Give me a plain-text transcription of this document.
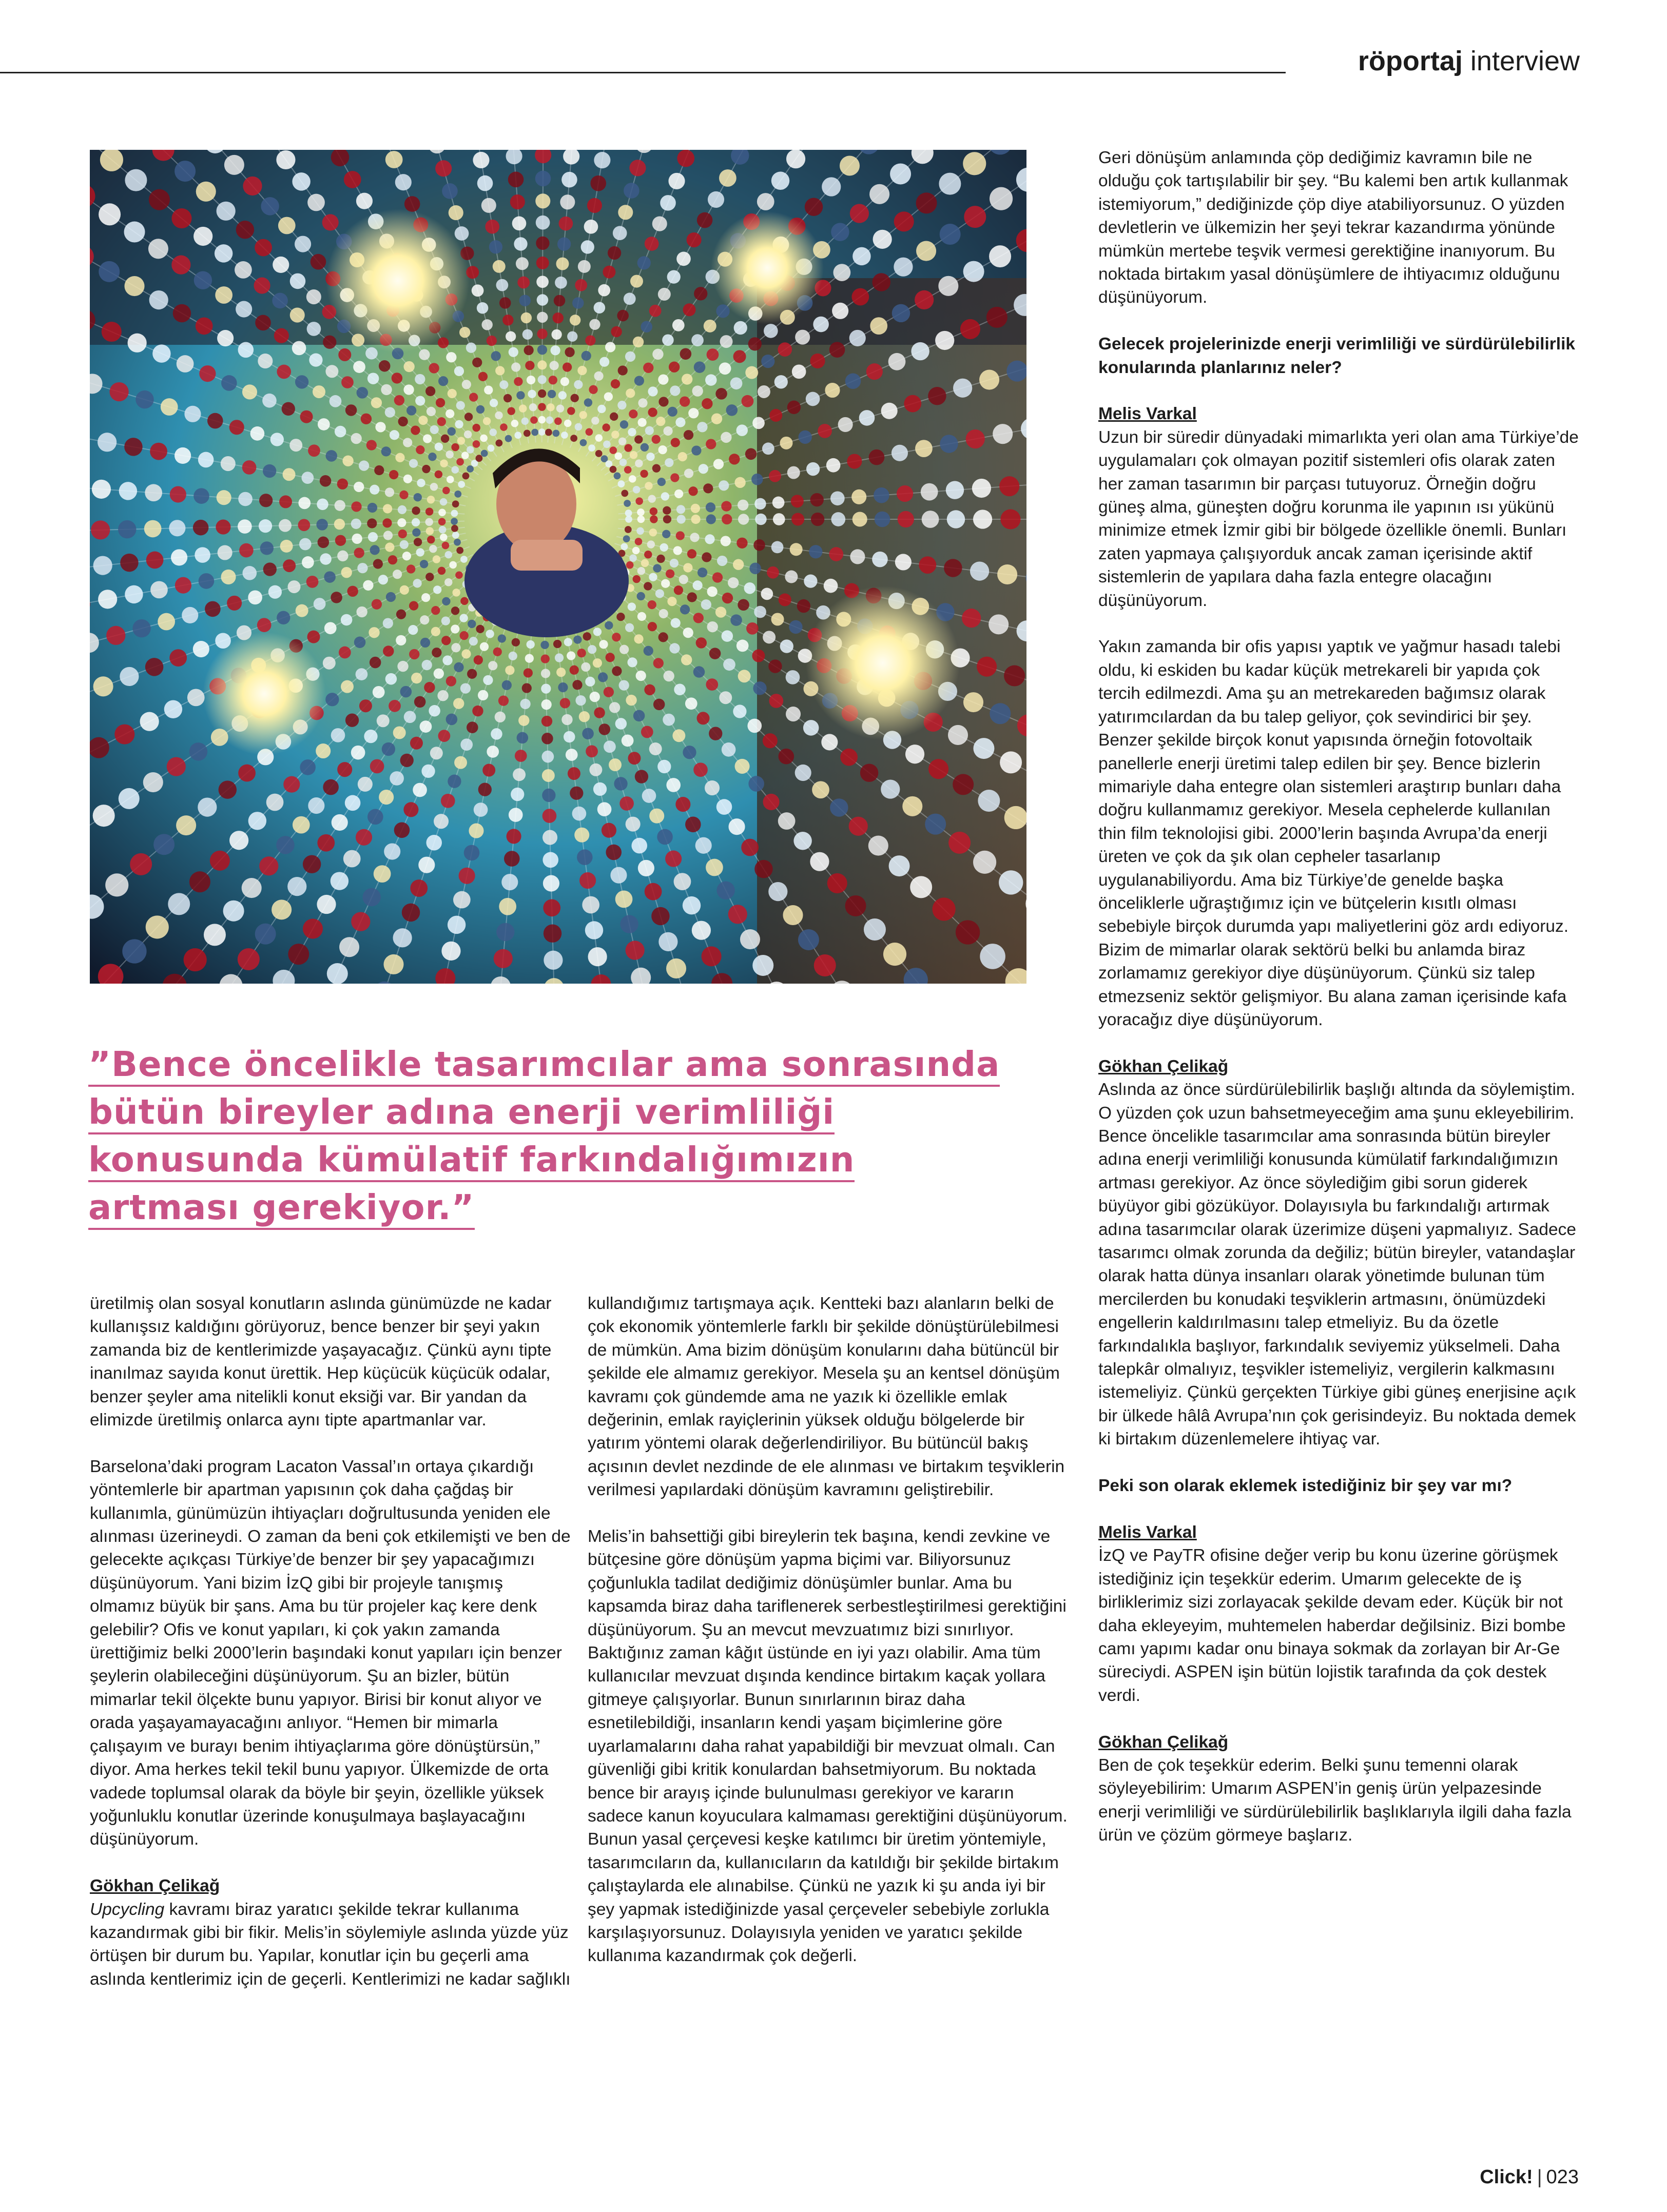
röportaj interview
”Bence öncelikle tasarımcılar ama sonrasında
bütün bireyler adına enerji verimliliği
konusunda kümülatif farkındalığımızın
artması gerekiyor.”

üretilmiş olan sosyal konutların aslında günümüzde ne kadar kullanışsız kaldığını görüyoruz, bence benzer bir şeyi yakın zamanda biz de kentlerimizde yaşayacağız. Çünkü aynı tipte inanılmaz sayıda konut ürettik. Hep küçücük küçücük odalar, benzer şeyler ama nitelikli konut eksiği var. Bir yandan da elimizde üretilmiş onlarca aynı tipte apartmanlar var.

Barselona’daki program Lacaton Vassal’ın ortaya çıkardığı yöntemlerle bir apartman yapısının çok daha çağdaş bir kullanımla, günümüzün ihtiyaçları doğrultusunda yeniden ele alınması üzerineydi. O zaman da beni çok etkilemişti ve ben de gelecekte açıkçası Türkiye’de benzer bir şey yapacağımızı düşünüyorum. Yani bizim İzQ gibi bir projeyle tanışmış olmamız büyük bir şans. Ama bu tür projeler kaç kere denk gelebilir? Ofis ve konut yapıları, ki çok yakın zamanda ürettiğimiz belki 2000’lerin başındaki konut yapıları için benzer şeylerin olabileceğini düşünüyorum. Şu an bizler, bütün mimarlar tekil ölçekte bunu yapıyor. Birisi bir konut alıyor ve orada yaşayamayacağını anlıyor. “Hemen bir mimarla çalışayım ve burayı benim ihtiyaçlarıma göre dönüştürsün,” diyor. Ama herkes tekil tekil bunu yapıyor. Ülkemizde de orta vadede toplumsal olarak da böyle bir şeyin, özellikle yüksek yoğunluklu konutlar üzerinde konuşulmaya başlayacağını düşünüyorum.

Gökhan Çelikağ

Upcycling kavramı biraz yaratıcı şekilde tekrar kullanıma kazandırmak gibi bir fikir. Melis’in söylemiyle aslında yüzde yüz örtüşen bir durum bu. Yapılar, konutlar için bu geçerli ama aslında kentlerimiz için de geçerli. Kentlerimizi ne kadar sağlıklı

kullandığımız tartışmaya açık. Kentteki bazı alanların belki de çok ekonomik yöntemlerle farklı bir şekilde dönüştürülebilmesi de mümkün. Ama bizim dönüşüm konularını daha bütüncül bir şekilde ele almamız gerekiyor. Mesela şu an kentsel dönüşüm kavramı çok gündemde ama ne yazık ki özellikle emlak değerinin, emlak rayiçlerinin yüksek olduğu bölgelerde bir yatırım yöntemi olarak değerlendiriliyor. Bu bütüncül bakış açısının devlet nezdinde de ele alınması ve birtakım teşviklerin verilmesi yapılardaki dönüşüm kavramını geliştirebilir.

Melis’in bahsettiği gibi bireylerin tek başına, kendi zevkine ve bütçesine göre dönüşüm yapma biçimi var. Biliyorsunuz çoğunlukla tadilat dediğimiz dönüşümler bunlar. Ama bu kapsamda biraz daha tariflenerek serbestleştirilmesi gerektiğini düşünüyorum. Şu an mevcut mevzuatımız bizi sınırlıyor. Baktığınız zaman kâğıt üstünde en iyi yazı olabilir. Ama tüm kullanıcılar mevzuat dışında kendince birtakım kaçak yollara gitmeye çalışıyorlar. Bunun sınırlarının biraz daha esnetilebildiği, insanların kendi yaşam biçimlerine göre uyarlamalarını daha rahat yapabildiği bir mevzuat olmalı. Can güvenliği gibi kritik konulardan bahsetmiyorum. Bu noktada bence bir arayış içinde bulunulması gerekiyor ve kararın sadece kanun koyuculara kalmaması gerektiğini düşünüyorum. Bunun yasal çerçevesi keşke katılımcı bir üretim yöntemiyle, tasarımcıların da, kullanıcıların da katıldığı bir şekilde birtakım çalıştaylarda ele alınabilse. Çünkü ne yazık ki şu anda iyi bir şey yapmak istediğinizde yasal çerçeveler sebebiyle zorlukla karşılaşıyorsunuz. Dolayısıyla yeniden ve yaratıcı şekilde kullanıma kazandırmak çok değerli.

Geri dönüşüm anlamında çöp dediğimiz kavramın bile ne olduğu çok tartışılabilir bir şey. “Bu kalemi ben artık kullanmak istemiyorum,” dediğinizde çöp diye atabiliyorsunuz. O yüzden devletlerin ve ülkemizin her şeyi tekrar kazandırma yönünde mümkün mertebe teşvik vermesi gerektiğine inanıyorum. Bu noktada birtakım yasal dönüşümlere de ihtiyacımız olduğunu düşünüyorum.

Gelecek projelerinizde enerji verimliliği ve sürdürülebilirlik konularında planlarınız neler?

Melis Varkal

Uzun bir süredir dünyadaki mimarlıkta yeri olan ama Türkiye’de uygulamaları çok olmayan pozitif sistemleri ofis olarak zaten her zaman tasarımın bir parçası tutuyoruz. Örneğin doğru güneş alma, güneşten doğru korunma ile yapının ısı yükünü minimize etmek İzmir gibi bir bölgede özellikle önemli. Bunları zaten yapmaya çalışıyorduk ancak zaman içerisinde aktif sistemlerin de yapılara daha fazla entegre olacağını düşünüyorum.

Yakın zamanda bir ofis yapısı yaptık ve yağmur hasadı talebi oldu, ki eskiden bu kadar küçük metrekareli bir yapıda çok tercih edilmezdi. Ama şu an metrekareden bağımsız olarak yatırımcılardan da bu talep geliyor, çok sevindirici bir şey. Benzer şekilde birçok konut yapısında örneğin fotovoltaik panellerle enerji üretimi talep edilen bir şey. Bence bizlerin mimariyle daha entegre olan sistemleri araştırıp bunları daha doğru kullanmamız gerekiyor. Mesela cephelerde kullanılan thin film teknolojisi gibi. 2000’lerin başında Avrupa’da enerji üreten ve çok da şık olan cepheler tasarlanıp uygulanabiliyordu. Ama biz Türkiye’de genelde başka önceliklerle uğraştığımız için ve bütçelerin kısıtlı olması sebebiyle birçok durumda yapı maliyetlerini göz ardı ediyoruz. Bizim de mimarlar olarak sektörü belki bu anlamda biraz zorlamamız gerekiyor diye düşünüyorum. Çünkü siz talep etmezseniz sektör gelişmiyor. Bu alana zaman içerisinde kafa yoracağız diye düşünüyorum.

Gökhan Çelikağ

Aslında az önce sürdürülebilirlik başlığı altında da söylemiştim. O yüzden çok uzun bahsetmeyeceğim ama şunu ekleyebilirim. Bence öncelikle tasarımcılar ama sonrasında bütün bireyler adına enerji verimliliği konusunda kümülatif farkındalığımızın artması gerekiyor. Az önce söylediğim gibi sorun giderek büyüyor gibi gözüküyor. Dolayısıyla bu farkındalığı artırmak adına tasarımcılar olarak üzerimize düşeni yapmalıyız. Sadece tasarımcı olmak zorunda da değiliz; bütün bireyler, vatandaşlar olarak hatta dünya insanları olarak yönetimde bulunan tüm mercilerden bu konudaki teşviklerin artmasını, önümüzdeki engellerin kaldırılmasını talep etmeliyiz. Bu da özetle farkındalıkla başlıyor, farkındalık seviyemiz yükselmeli. Daha talepkâr olmalıyız, teşvikler istemeliyiz, vergilerin kalkmasını istemeliyiz. Çünkü gerçekten Türkiye gibi güneş enerjisine açık bir ülkede hâlâ Avrupa’nın çok gerisindeyiz. Bu noktada demek ki birtakım düzenlemelere ihtiyaç var.

Peki son olarak eklemek istediğiniz bir şey var mı?

Melis Varkal

İzQ ve PayTR ofisine değer verip bu konu üzerine görüşmek istediğiniz için teşekkür ederim. Umarım gelecekte de iş birliklerimiz sizi zorlayacak şekilde devam eder. Küçük bir not daha ekleyeyim, muhtemelen haberdar değilsiniz. Bizi bombe camı yapımı kadar onu binaya sokmak da zorlayan bir Ar-Ge süreciydi. ASPEN işin bütün lojistik tarafında da çok destek verdi.

Gökhan Çelikağ

Ben de çok teşekkür ederim. Belki şunu temenni olarak söyleyebilirim: Umarım ASPEN’in geniş ürün yelpazesinde enerji verimliliği ve sürdürülebilirlik başlıklarıyla ilgili daha fazla ürün ve çözüm görmeye başlarız.

Click! | 023
